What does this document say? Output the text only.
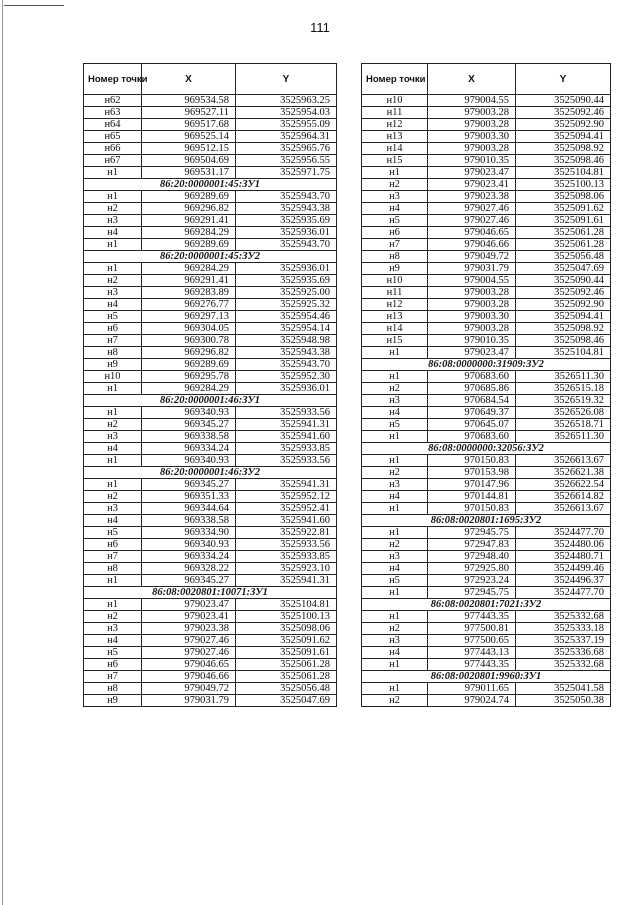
111
Номер точки	X	Y
н62	969534.58	3525963.25
н63	969527.11	3525954.03
н64	969517.68	3525955.09
н65	969525.14	3525964.31
н66	969512.15	3525965.76
н67	969504.69	3525956.55
н1	969531.17	3525971.75
86:20:0000001:45:ЗУ1		
н1	969289.69	3525943.70
н2	969296.82	3525943.38
н3	969291.41	3525935.69
н4	969284.29	3525936.01
н1	969289.69	3525943.70
86:20:0000001:45:ЗУ2		
н1	969284.29	3525936.01
н2	969291.41	3525935.69
н3	969283.89	3525925.00
н4	969276.77	3525925.32
н5	969297.13	3525954.46
н6	969304.05	3525954.14
н7	969300.78	3525948.98
н8	969296.82	3525943.38
н9	969289.69	3525943.70
н10	969295.78	3525952.30
н1	969284.29	3525936.01
86:20:0000001:46:ЗУ1		
н1	969340.93	3525933.56
н2	969345.27	3525941.31
н3	969338.58	3525941.60
н4	969334.24	3525933.85
н1	969340.93	3525933.56
86:20:0000001:46:ЗУ2		
н1	969345.27	3525941.31
н2	969351.33	3525952.12
н3	969344.64	3525952.41
н4	969338.58	3525941.60
н5	969334.90	3525922.81
н6	969340.93	3525933.56
н7	969334.24	3525933.85
н8	969328.22	3525923.10
н1	969345.27	3525941.31
86:08:0020801:10071:ЗУ1		
н1	979023.47	3525104.81
н2	979023.41	3525100.13
н3	979023.38	3525098.06
н4	979027.46	3525091.62
н5	979027.46	3525091.61
н6	979046.65	3525061.28
н7	979046.66	3525061.28
н8	979049.72	3525056.48
н9	979031.79	3525047.69
Номер точки	X	Y
н10	979004.55	3525090.44
н11	979003.28	3525092.46
н12	979003.28	3525092.90
н13	979003.30	3525094.41
н14	979003.28	3525098.92
н15	979010.35	3525098.46
н1	979023.47	3525104.81
н2	979023.41	3525100.13
н3	979023.38	3525098.06
н4	979027.46	3525091.62
н5	979027.46	3525091.61
н6	979046.65	3525061.28
н7	979046.66	3525061.28
н8	979049.72	3525056.48
н9	979031.79	3525047.69
н10	979004.55	3525090.44
н11	979003.28	3525092.46
н12	979003.28	3525092.90
н13	979003.30	3525094.41
н14	979003.28	3525098.92
н15	979010.35	3525098.46
н1	979023.47	3525104.81
86:08:0000000:31909:ЗУ2		
н1	970683.60	3526511.30
н2	970685.86	3526515.18
н3	970684.54	3526519.32
н4	970649.37	3526526.08
н5	970645.07	3526518.71
н1	970683.60	3526511.30
86:08:0000000:32056:ЗУ2		
н1	970150.83	3526613.67
н2	970153.98	3526621.38
н3	970147.96	3526622.54
н4	970144.81	3526614.82
н1	970150.83	3526613.67
86:08:0020801:1695:ЗУ2		
н1	972945.75	3524477.70
н2	972947.83	3524480.06
н3	972948.40	3524480.71
н4	972925.80	3524499.46
н5	972923.24	3524496.37
н1	972945.75	3524477.70
86:08:0020801:7021:ЗУ2		
н1	977443.35	3525332.68
н2	977500.81	3525333.18
н3	977500.65	3525337.19
н4	977443.13	3525336.68
н1	977443.35	3525332.68
86:08:0020801:9960:ЗУ1		
н1	979011.65	3525041.58
н2	979024.74	3525050.38
